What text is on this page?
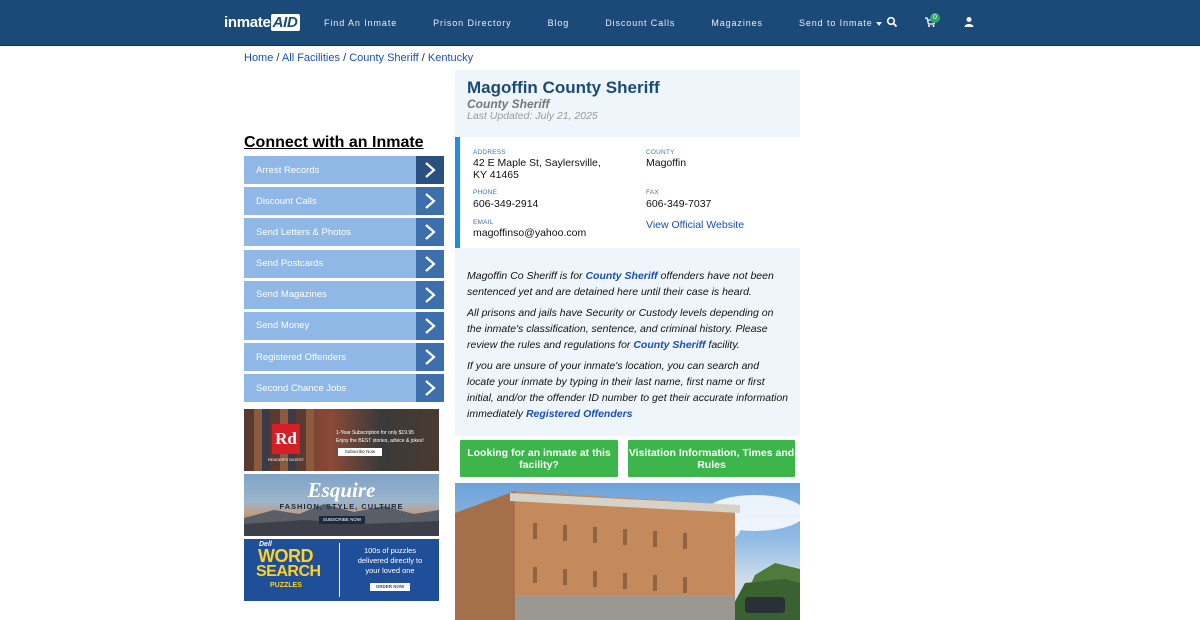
inmate AID	Find An Inmate	Prison Directory	Blog	Discount Calls	Magazines	Send to Inmate
0
Home / All Facilities / County Sheriff / Kentucky
Connect with an Inmate
Arrest Records
Discount Calls
Send Letters & Photos
Send Postcards
Send Magazines
Send Money
Registered Offenders
Second Chance Jobs
Rd
READER'S DIGEST
1-Year Subscription for only $19.95
Enjoy the BEST stories, advice & jokes!
Subscribe Now
Esquire
FASHION, STYLE, CULTURE
SUBSCRIBE NOW
Dell
WORD
SEARCH
PUZZLES
100s of puzzles
delivered directly to
your loved one
ORDER NOW
Magoffin County Sheriff
County Sheriff
Last Updated: July 21, 2025
ADDRESS
42 E Maple St, Saylersville,
KY 41465
COUNTY
Magoffin
PHONE
606-349-2914
FAX
606-349-7037
EMAIL
magoffinso@yahoo.com
View Official Website
Magoffin Co Sheriff is for County Sheriff offenders have not been sentenced yet and are detained here until their case is heard.
All prisons and jails have Security or Custody levels depending on the inmate's classification, sentence, and criminal history. Please review the rules and regulations for County Sheriff facility.
If you are unsure of your inmate's location, you can search and locate your inmate by typing in their last name, first name or first initial, and/or the offender ID number to get their accurate information immediately Registered Offenders
Looking for an inmate at this facility?
Visitation Information, Times and Rules
